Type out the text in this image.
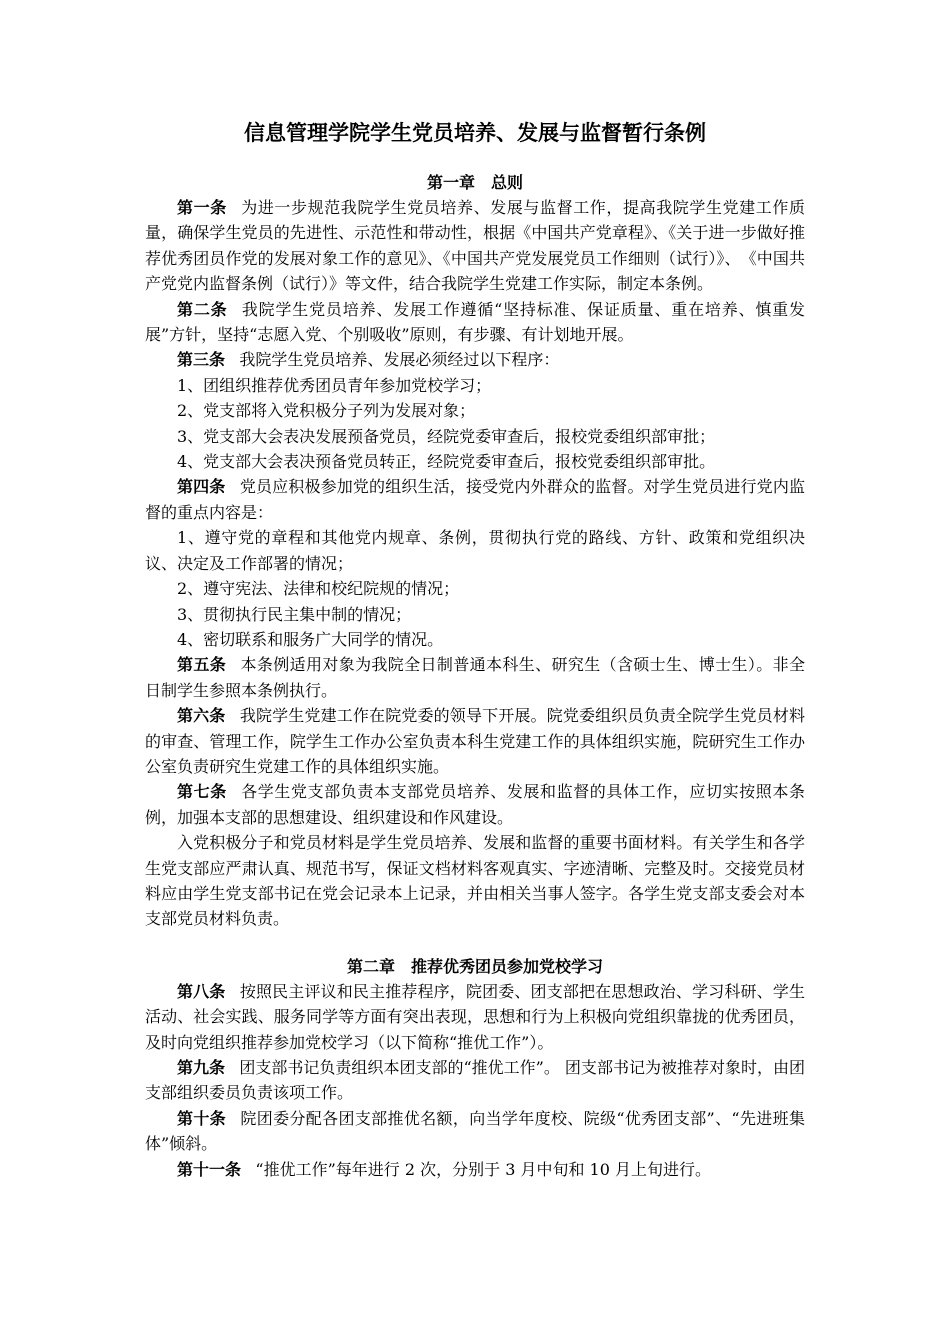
信息管理学院学生党员培养、发展与监督暂行条例
第一章　总则

第一条 为进一步规范我院学生党员培养、发展与监督工作，提高我院学生党建工作质量，确保学生党员的先进性、示范性和带动性，根据《中国共产党章程》、《关于进一步做好推荐优秀团员作党的发展对象工作的意见》、《中国共产党发展党员工作细则（试行）》、　《中国共产党党内监督条例（试行）》等文件，结合我院学生党建工作实际，制定本条例。

第二条 我院学生党员培养、发展工作遵循“坚持标准、保证质量、重在培养、慎重发展”方针，坚持“志愿入党、个别吸收”原则，有步骤、有计划地开展。

第三条 我院学生党员培养、发展必须经过以下程序：

1、团组织推荐优秀团员青年参加党校学习；

2、党支部将入党积极分子列为发展对象；

3、党支部大会表决发展预备党员，经院党委审查后，报校党委组织部审批；

4、党支部大会表决预备党员转正，经院党委审查后，报校党委组织部审批。

第四条 党员应积极参加党的组织生活，接受党内外群众的监督。对学生党员进行党内监督的重点内容是：

1、遵守党的章程和其他党内规章、条例，贯彻执行党的路线、方针、政策和党组织决议、决定及工作部署的情况；

2、遵守宪法、法律和校纪院规的情况；

3、贯彻执行民主集中制的情况；

4、密切联系和服务广大同学的情况。

第五条 本条例适用对象为我院全日制普通本科生、研究生（含硕士生、博士生）。非全日制学生参照本条例执行。

第六条 我院学生党建工作在院党委的领导下开展。院党委组织员负责全院学生党员材料的审查、管理工作，院学生工作办公室负责本科生党建工作的具体组织实施，院研究生工作办公室负责研究生党建工作的具体组织实施。

第七条 各学生党支部负责本支部党员培养、发展和监督的具体工作，应切实按照本条例，加强本支部的思想建设、组织建设和作风建设。

入党积极分子和党员材料是学生党员培养、发展和监督的重要书面材料。有关学生和各学生党支部应严肃认真、规范书写，保证文档材料客观真实、字迹清晰、完整及时。交接党员材料应由学生党支部书记在党会记录本上记录，并由相关当事人签字。各学生党支部支委会对本支部党员材料负责。

第二章　推荐优秀团员参加党校学习

第八条 按照民主评议和民主推荐程序，院团委、团支部把在思想政治、学习科研、学生活动、社会实践、服务同学等方面有突出表现，思想和行为上积极向党组织靠拢的优秀团员，及时向党组织推荐参加党校学习（以下简称“推优工作”）。

第九条 团支部书记负责组织本团支部的“推优工作”。 团支部书记为被推荐对象时，由团支部组织委员负责该项工作。

第十条 院团委分配各团支部推优名额，向当学年度校、院级“优秀团支部”、“先进班集体”倾斜。

第十一条 “推优工作”每年进行 2 次，分别于 3 月中旬和 10 月上旬进行。
